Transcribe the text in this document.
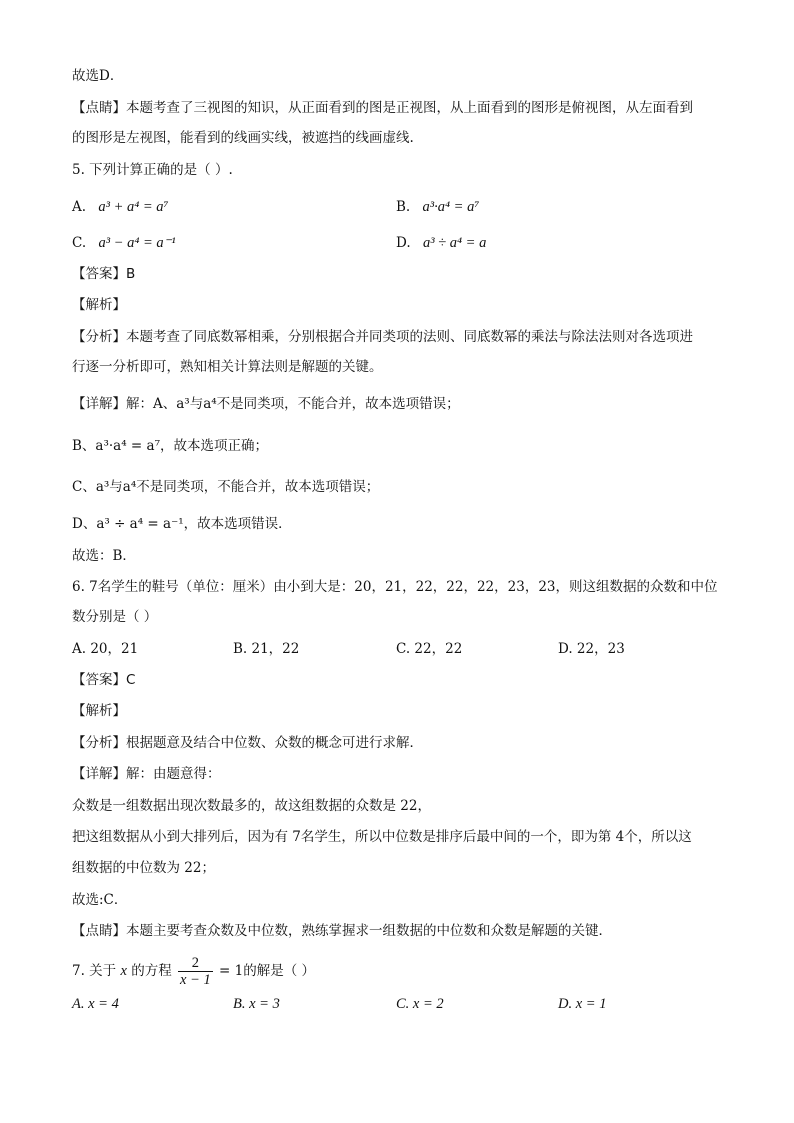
故选D．
【点睛】本题考查了三视图的知识，从正面看到的图是正视图，从上面看到的图形是俯视图，从左面看到
的图形是左视图，能看到的线画实线，被遮挡的线画虚线.
5. 下列计算正确的是（ ）.
A. a³ + a⁴ = a⁷	B. a³·a⁴ = a⁷
C. a³ − a⁴ = a⁻¹	D. a³ ÷ a⁴ = a
【答案】B
【解析】
【分析】本题考查了同底数幂相乘，分别根据合并同类项的法则、同底数幂的乘法与除法法则对各选项进
行逐一分析即可，熟知相关计算法则是解题的关键。
【详解】解：A、a³与a⁴不是同类项，不能合并，故本选项错误；
B、a³·a⁴ = a⁷，故本选项正确；
C、a³与a⁴不是同类项，不能合并，故本选项错误；
D、a³ ÷ a⁴ = a⁻¹，故本选项错误．
故选：B．
6. 7名学生的鞋号（单位：厘米）由小到大是：20，21，22，22，22，23，23，则这组数据的众数和中位
数分别是（ ）
A. 20，21	B. 21，22	C. 22，22	D. 22，23
【答案】C
【解析】
【分析】根据题意及结合中位数、众数的概念可进行求解．
【详解】解：由题意得：
众数是一组数据出现次数最多的，故这组数据的众数是 22，
把这组数据从小到大排列后，因为有 7名学生，所以中位数是排序后最中间的一个，即为第 4个，所以这
组数据的中位数为 22；
故选:C．
【点睛】本题主要考查众数及中位数，熟练掌握求一组数据的中位数和众数是解题的关键．
7. 关于 x 的方程 $\frac{2}{x - 1} = 1$的解是（ ）
A. x = 4	B. x = 3	C. x = 2	D. x = 1
